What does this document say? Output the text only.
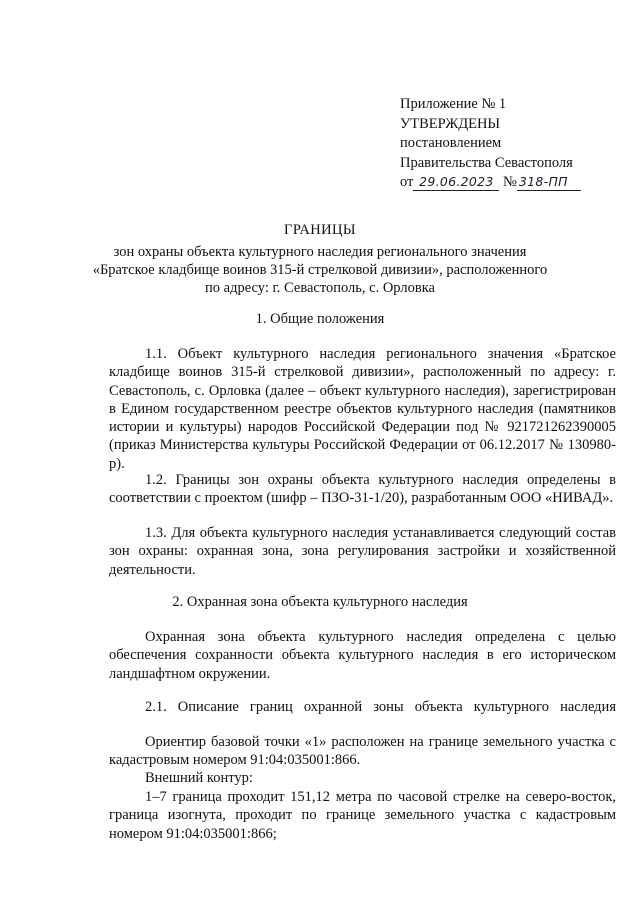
Приложение № 1
УТВЕРЖДЕНЫ
постановлением
Правительства Севастополя
от 29.06.2023 № 318-ПП
ГРАНИЦЫ
зон охраны объекта культурного наследия регионального значения
«Братское кладбище воинов 315-й стрелковой дивизии», расположенного
по адресу: г. Севастополь, с. Орловка
1. Общие положения
1.1. Объект культурного наследия регионального значения «Братское кладбище воинов 315-й стрелковой дивизии», расположенный по адресу: г. Севастополь, с. Орловка (далее – объект культурного наследия), зарегистрирован в Едином государственном реестре объектов культурного наследия (памятников истории и культуры) народов Российской Федерации под № 921721262390005 (приказ Министерства культуры Российской Федерации от 06.12.2017 № 130980-р).
1.2. Границы зон охраны объекта культурного наследия определены в соответствии с проектом (шифр – ПЗО-31-1/20), разработанным ООО «НИВАД».
1.3. Для объекта культурного наследия устанавливается следующий состав зон охраны: охранная зона, зона регулирования застройки и хозяйственной деятельности.
2. Охранная зона объекта культурного наследия
Охранная зона объекта культурного наследия определена с целью обеспечения сохранности объекта культурного наследия в его историческом ландшафтном окружении.
2.1. Описание границ охранной зоны объекта культурного наследия
Ориентир базовой точки «1» расположен на границе земельного участка с кадастровым номером 91:04:035001:866.
Внешний контур:
1–7 граница проходит 151,12 метра по часовой стрелке на северо-восток, граница изогнута, проходит по границе земельного участка с кадастровым номером 91:04:035001:866;
